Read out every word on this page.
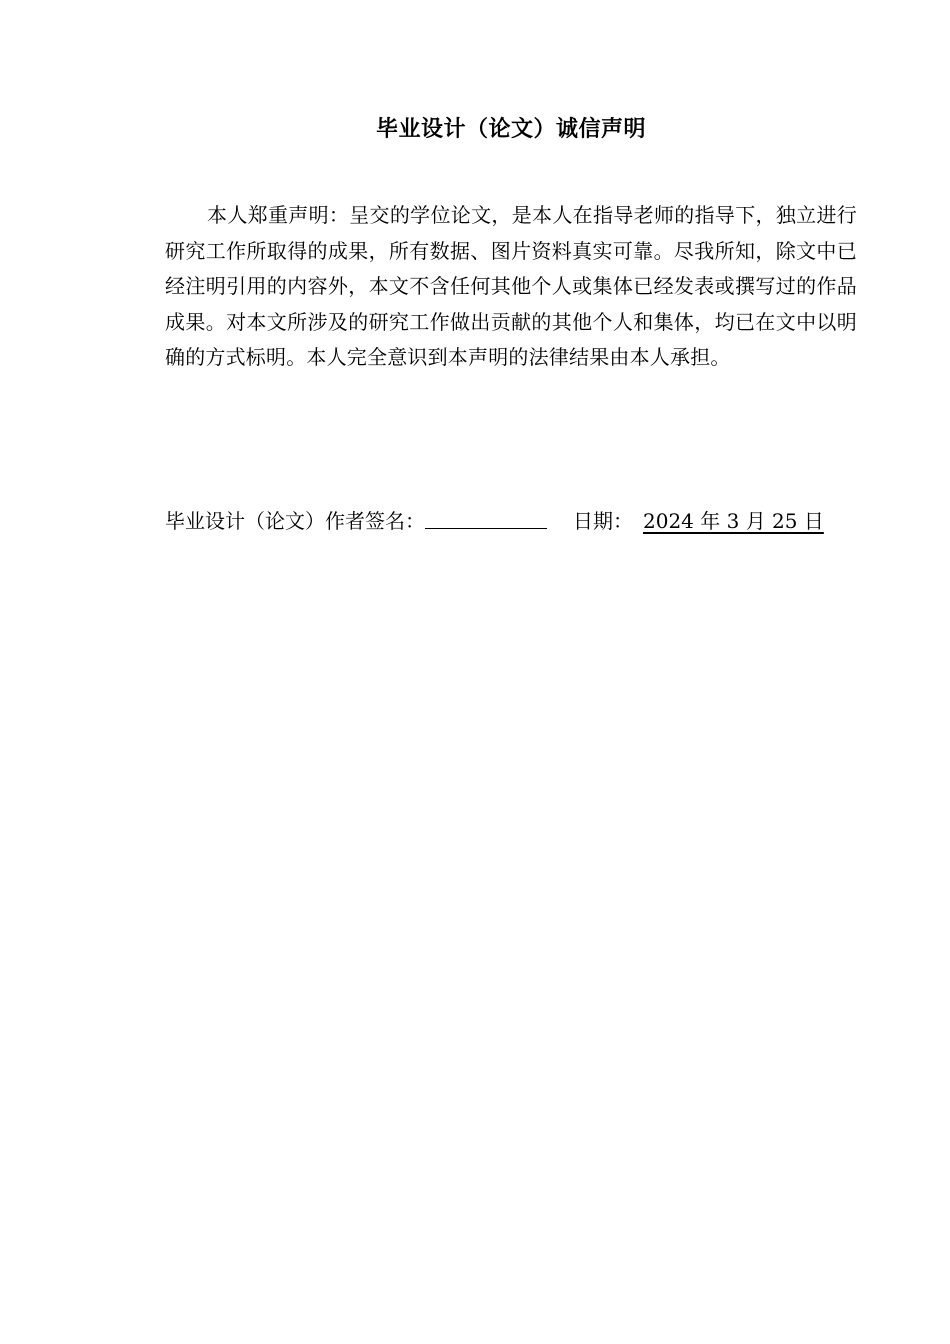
毕业设计（论文）诚信声明
本人郑重声明：呈交的学位论文，是本人在指导老师的指导下，独立进行研究工作所取得的成果，所有数据、图片资料真实可靠。尽我所知，除文中已经注明引用的内容外，本文不含任何其他个人或集体已经发表或撰写过的作品成果。对本文所涉及的研究工作做出贡献的其他个人和集体，均已在文中以明确的方式标明。本人完全意识到本声明的法律结果由本人承担。
毕业设计（论文）作者签名：	日期： 2024 年 3 月 25 日
